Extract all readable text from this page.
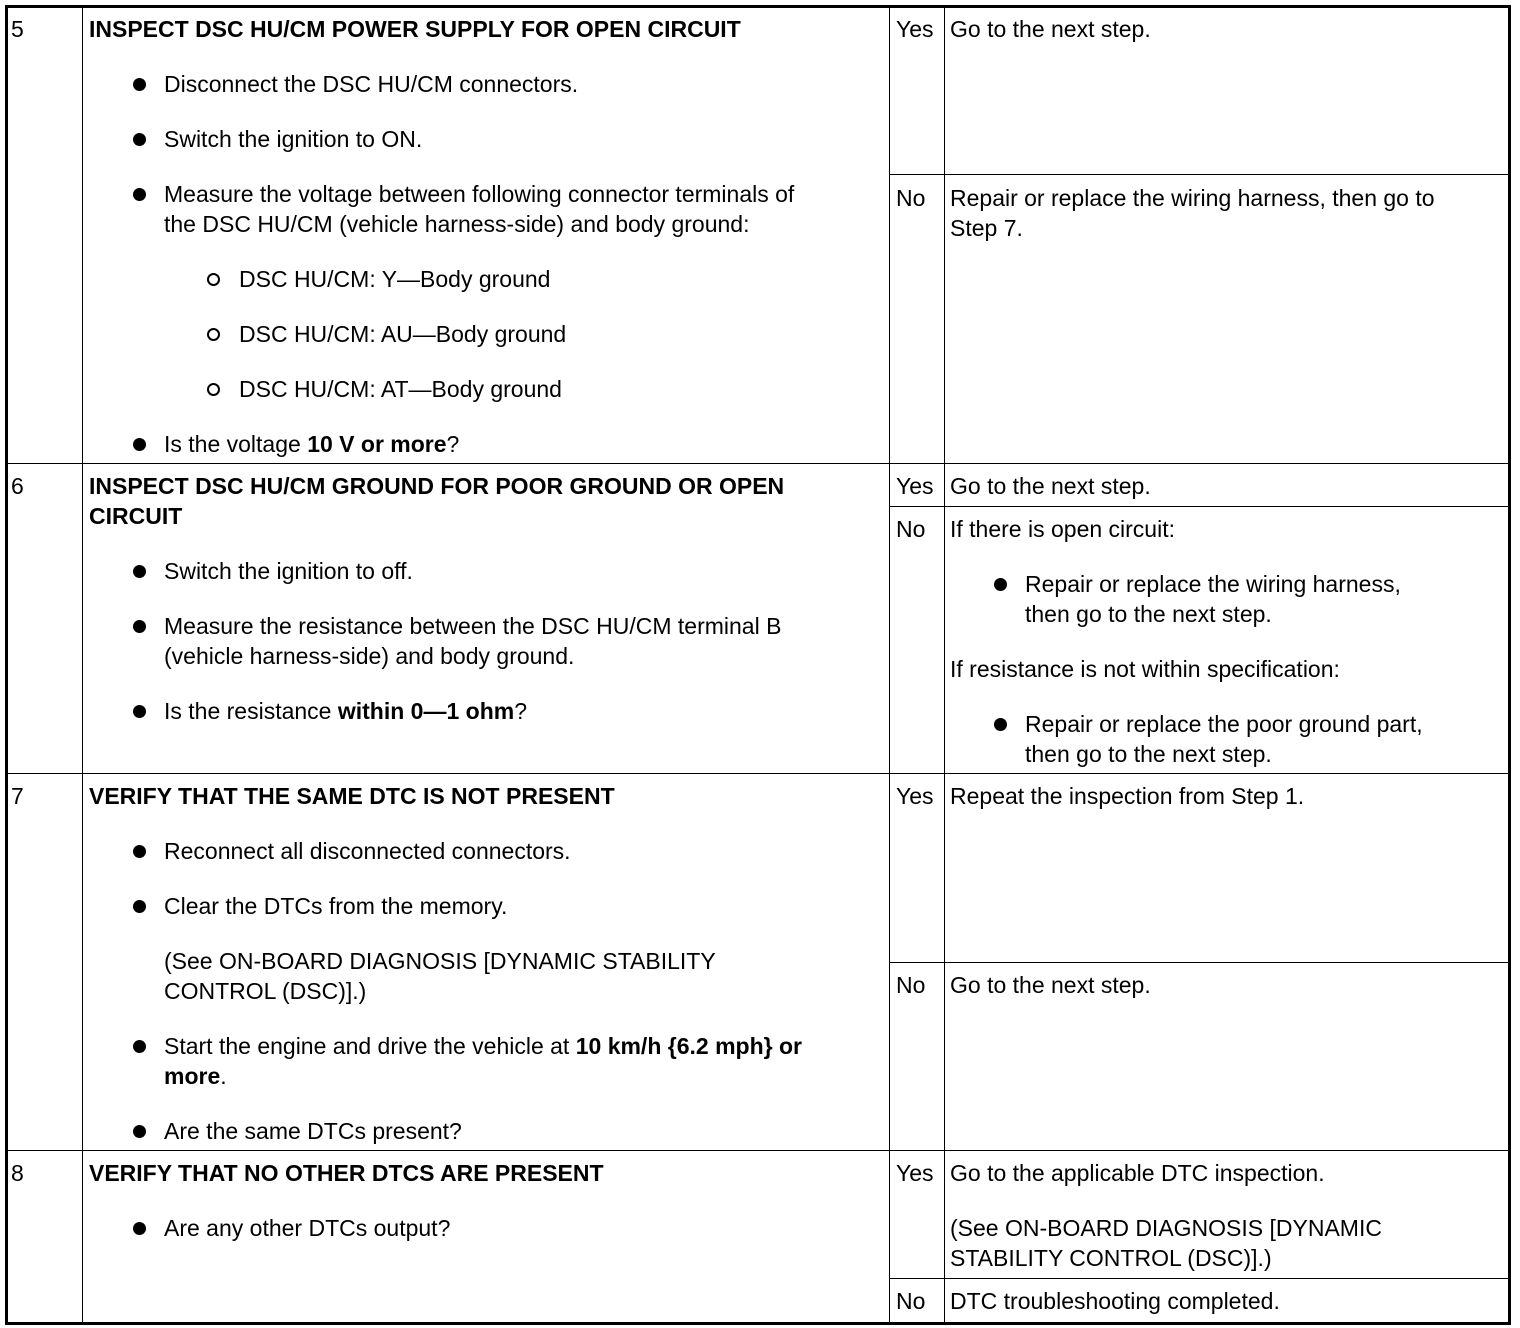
5	INSPECT DSC HU/CM POWER SUPPLY FOR OPEN CIRCUIT
Disconnect the DSC HU/CM connectors.
Switch the ignition to ON.
Measure the voltage between following connector terminals of
the DSC HU/CM (vehicle harness-side) and body ground:
DSC HU/CM: Y—Body ground
DSC HU/CM: AU—Body ground
DSC HU/CM: AT—Body ground
Is the voltage 10 V or more?
Yes Go to the next step.
No Repair or replace the wiring harness, then go to
Step 7.
6	INSPECT DSC HU/CM GROUND FOR POOR GROUND OR OPEN
CIRCUIT
Switch the ignition to off.
Measure the resistance between the DSC HU/CM terminal B
(vehicle harness-side) and body ground.
Is the resistance within 0—1 ohm?
Yes Go to the next step.
No If there is open circuit:
Repair or replace the wiring harness,
then go to the next step.
If resistance is not within specification:
Repair or replace the poor ground part,
then go to the next step.
7	VERIFY THAT THE SAME DTC IS NOT PRESENT
Reconnect all disconnected connectors.
Clear the DTCs from the memory.
(See ON-BOARD DIAGNOSIS [DYNAMIC STABILITY
CONTROL (DSC)].)
Start the engine and drive the vehicle at 10 km/h {6.2 mph} or
more.
Are the same DTCs present?
Yes Repeat the inspection from Step 1.
No Go to the next step.
8	VERIFY THAT NO OTHER DTCS ARE PRESENT
Are any other DTCs output?
Yes Go to the applicable DTC inspection.
(See ON-BOARD DIAGNOSIS [DYNAMIC
STABILITY CONTROL (DSC)].)
No DTC troubleshooting completed.
